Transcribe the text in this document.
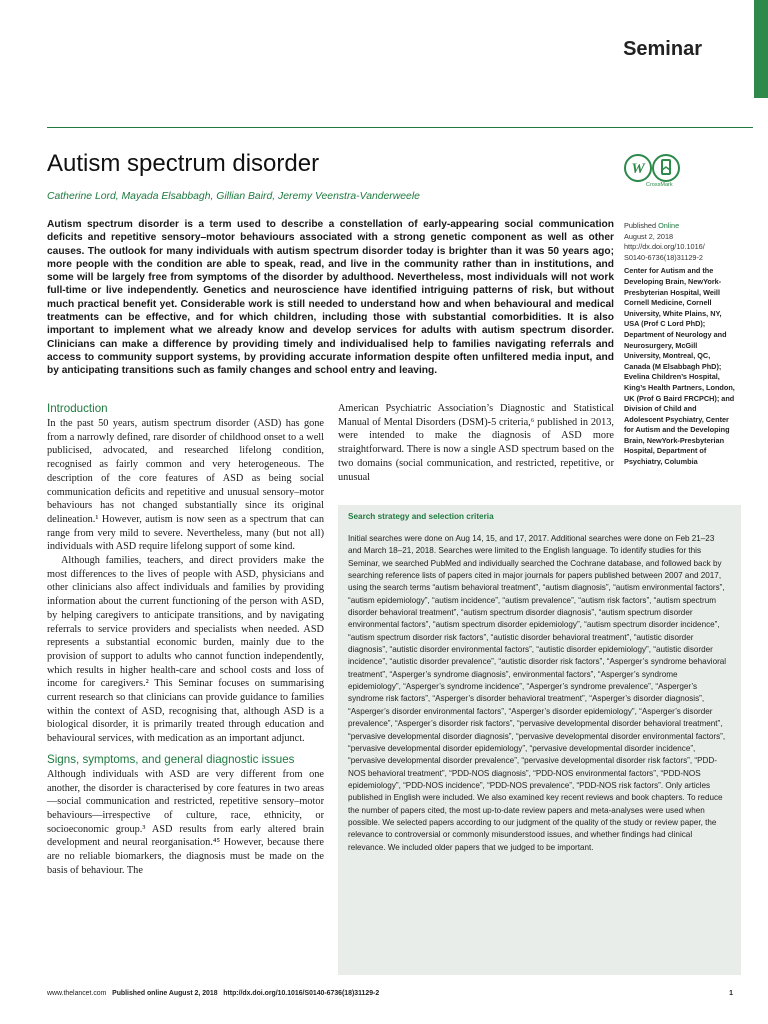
Seminar
Autism spectrum disorder
Catherine Lord, Mayada Elsabbagh, Gillian Baird, Jeremy Veenstra-Vanderweele
W
CrossMark

Autism spectrum disorder is a term used to describe a constellation of early-appearing social communication deficits and repetitive sensory–motor behaviours associated with a strong genetic component as well as other causes. The outlook for many individuals with autism spectrum disorder today is brighter than it was 50 years ago; more people with the condition are able to speak, read, and live in the community rather than in institutions, and some will be largely free from symptoms of the disorder by adulthood. Nevertheless, most individuals will not work full-time or live independently. Genetics and neuroscience have identified intriguing patterns of risk, but without much practical benefit yet. Considerable work is still needed to understand how and when behavioural and medical treatments can be effective, and for which children, including those with substantial comorbidities. It is also important to implement what we already know and develop services for adults with autism spectrum disorder. Clinicians can make a difference by providing timely and individualised help to families navigating referrals and access to community support systems, by providing accurate information despite often unfiltered media input, and by anticipating transitions such as family changes and school entry and leaving.

Published Online
August 2, 2018
http://dx.doi.org/10.1016/
S0140-6736(18)31129-2

Center for Autism and the Developing Brain, NewYork-Presbyterian Hospital, Weill Cornell Medicine, Cornell University, White Plains, NY, USA (Prof C Lord PhD); Department of Neurology and Neurosurgery, McGill University, Montreal, QC, Canada (M Elsabbagh PhD); Evelina Children’s Hospital, King’s Health Partners, London, UK (Prof G Baird FRCPCH); and Division of Child and Adolescent Psychiatry, Center for Autism and the Developing Brain, NewYork-Presbyterian Hospital, Department of Psychiatry, Columbia

Introduction

In the past 50 years, autism spectrum disorder (ASD) has gone from a narrowly defined, rare disorder of childhood onset to a well publicised, advocated, and researched lifelong condition, recognised as fairly common and very heterogeneous. The description of the core features of ASD as being social communication deficits and repetitive and unusual sensory–motor behaviours has not changed substantially since its original delineation.¹ However, autism is now seen as a spectrum that can range from very mild to severe. Nevertheless, many (but not all) individuals with ASD require lifelong support of some kind.

Although families, teachers, and direct providers make the most differences to the lives of people with ASD, physicians and other clinicians also affect individuals and families by providing information about the current functioning of the person with ASD, by helping caregivers to anticipate transitions, and by navigating referrals to service providers and specialists when needed. ASD represents a substantial economic burden, mainly due to the provision of support to adults who cannot function independently, which results in higher health-care and school costs and loss of income for caregivers.² This Seminar focuses on summarising current research so that clinicians can provide guidance to families within the context of ASD, recognising that, although ASD is a biological disorder, it is primarily treated through education and behavioural services, with medication as an important adjunct.

Signs, symptoms, and general diagnostic issues

Although individuals with ASD are very different from one another, the disorder is characterised by core features in two areas—social communication and restricted, repetitive sensory–motor behaviours—irrespective of culture, race, ethnicity, or socioeconomic group.³ ASD results from early altered brain development and neural reorganisation.⁴⁵ However, because there are no reliable biomarkers, the diagnosis must be made on the basis of behaviour. The

American Psychiatric Association’s Diagnostic and Statistical Manual of Mental Disorders (DSM)-5 criteria,⁶ published in 2013, were intended to make the diagnosis of ASD more straightforward. There is now a single ASD spectrum based on the two domains (social communication, and restricted, repetitive, or unusual

Search strategy and selection criteria

Initial searches were done on Aug 14, 15, and 17, 2017. Additional searches were done on Feb 21–23 and March 18–21, 2018. Searches were limited to the English language. To identify studies for this Seminar, we searched PubMed and individually searched the Cochrane database, and followed back by searching reference lists of papers cited in major journals for papers published between 2007 and 2017, using the search terms “autism behavioral treatment”, “autism diagnosis”, “autism environmental factors”, “autism epidemiology”, “autism incidence”, “autism prevalence”, “autism risk factors”, “autism spectrum disorder behavioral treatment”, “autism spectrum disorder diagnosis”, “autism spectrum disorder environmental factors”, “autism spectrum disorder epidemiology”, “autism spectrum disorder incidence”, “autism spectrum disorder risk factors”, “autistic disorder behavioral treatment”, “autistic disorder diagnosis”, “autistic disorder environmental factors”, “autistic disorder epidemiology”, “autistic disorder incidence”, “autistic disorder prevalence”, “autistic disorder risk factors”, “Asperger’s syndrome behavioral treatment”, “Asperger’s syndrome diagnosis”, environmental factors”, “Asperger’s syndrome epidemiology”, “Asperger’s syndrome incidence”, “Asperger’s syndrome prevalence”, “Asperger’s syndrome risk factors”, “Asperger’s disorder behavioral treatment”, “Asperger’s disorder diagnosis”, “Asperger’s disorder environmental factors”, “Asperger’s disorder epidemiology”, “Asperger’s disorder prevalence”, “Asperger’s disorder risk factors”, “pervasive developmental disorder behavioral treatment”, “pervasive developmental disorder diagnosis”, “pervasive developmental disorder environmental factors”, “pervasive developmental disorder epidemiology”, “pervasive developmental disorder incidence”, “pervasive developmental disorder prevalence”, “pervasive developmental disorder risk factors”, “PDD-NOS behavioral treatment”, “PDD-NOS diagnosis”, “PDD-NOS environmental factors”, “PDD-NOS epidemiology”, “PDD-NOS incidence”, “PDD-NOS prevalence”, “PDD-NOS risk factors”. Only articles published in English were included. We also examined key recent reviews and book chapters. To reduce the number of papers cited, the most up-to-date review papers and meta-analyses were used when possible. We selected papers according to our judgment of the quality of the study or review paper, the relevance to controversial or commonly misunderstood issues, and whether findings had clinical relevance. We included older papers that we judged to be important.

www.thelancet.com Published online August 2, 2018 http://dx.doi.org/10.1016/S0140-6736(18)31129-2	1
